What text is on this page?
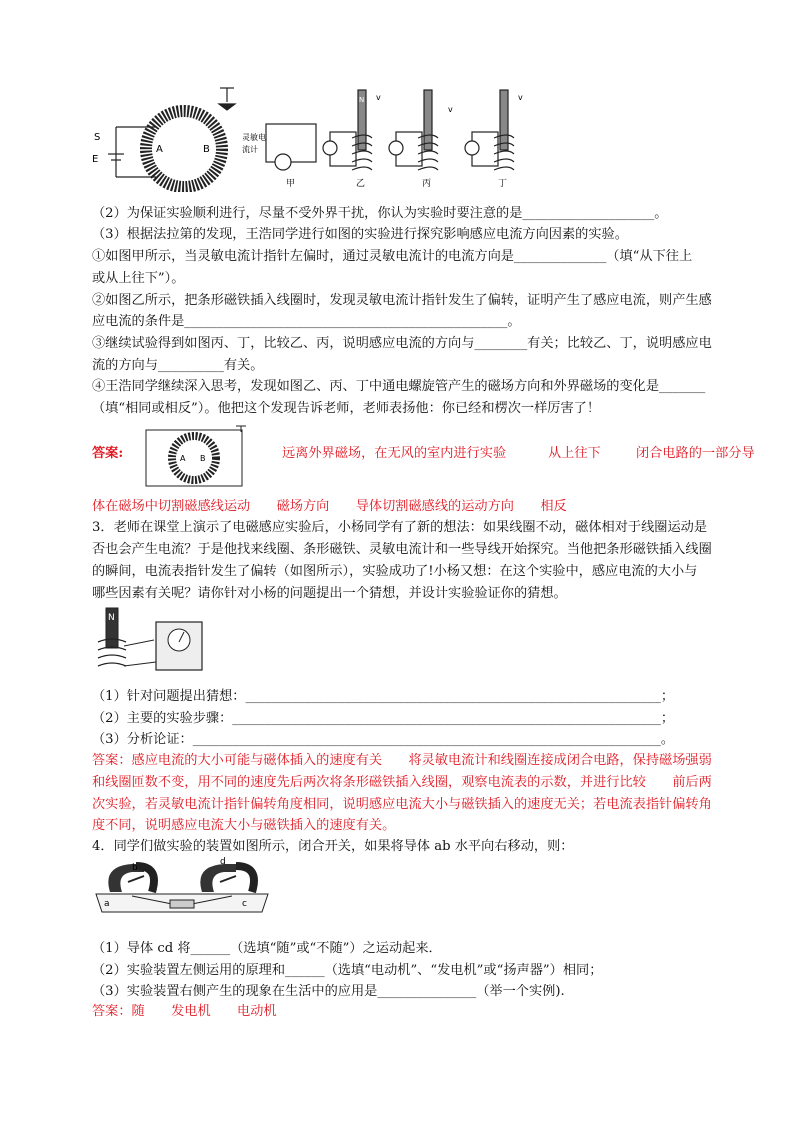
S
E
A	B
灵敏电
流计
v
v
v
N
甲	乙	丙	丁
（2）为保证实验顺利进行，尽量不受外界干扰，你认为实验时要注意的是____________________。
（3）根据法拉第的发现，王浩同学进行如图的实验进行探究影响感应电流方向因素的实验。
①如图甲所示，当灵敏电流计指针左偏时，通过灵敏电流计的电流方向是______________（填“从下往上
或从上往下”）。
②如图乙所示，把条形磁铁插入线圈时，发现灵敏电流计指针发生了偏转，证明产生了感应电流，则产生感
应电流的条件是_________________________________________________。
③继续试验得到如图丙、丁，比较乙、丙，说明感应电流的方向与________有关；比较乙、丁，说明感应电
流的方向与__________有关。
④王浩同学继续深入思考，发现如图乙、丙、丁中通电螺旋管产生的磁场方向和外界磁场的变化是_______
（填“相同或相反”）。他把这个发现告诉老师，老师表扬他：你已经和楞次一样厉害了！
答案:	A B	远离外界磁场，在无风的室内进行实验	从上往下	闭合电路的一部分导
体在磁场中切割磁感线运动　　磁场方向　　导体切割磁感线的运动方向　　相反
3．老师在课堂上演示了电磁感应实验后，小杨同学有了新的想法：如果线圈不动，磁体相对于线圈运动是
否也会产生电流？于是他找来线圈、条形磁铁、灵敏电流计和一些导线开始探究。当他把条形磁铁插入线圈
的瞬间，电流表指针发生了偏转（如图所示），实验成功了!小杨又想：在这个实验中，感应电流的大小与
哪些因素有关呢？请你针对小杨的问题提出一个猜想，并设计实验验证你的猜想。
N
（1）针对问题提出猜想：_______________________________________________________________；
（2）主要的实验步骤：_________________________________________________________________；
（3）分析论证：_______________________________________________________________________。
答案：感应电流的大小可能与磁体插入的速度有关　　将灵敏电流计和线圈连接成闭合电路，保持磁场强弱
和线圈匝数不变，用不同的速度先后两次将条形磁铁插入线圈，观察电流表的示数，并进行比较　　前后两
次实验，若灵敏电流计指针偏转角度相同，说明感应电流大小与磁铁插入的速度无关；若电流表指针偏转角
度不同，说明感应电流大小与磁铁插入的速度有关。
4．同学们做实验的装置如图所示，闭合开关，如果将导体 ab 水平向右移动，则：
b
d
a	c
（1）导体 cd 将______（选填“随”或“不随”）之运动起来．
（2）实验装置左侧运用的原理和______（选填“电动机”、“发电机”或“扬声器”）相同；
（3）实验装置右侧产生的现象在生活中的应用是_______________（举一个实例).
答案：随　　发电机　　电动机
